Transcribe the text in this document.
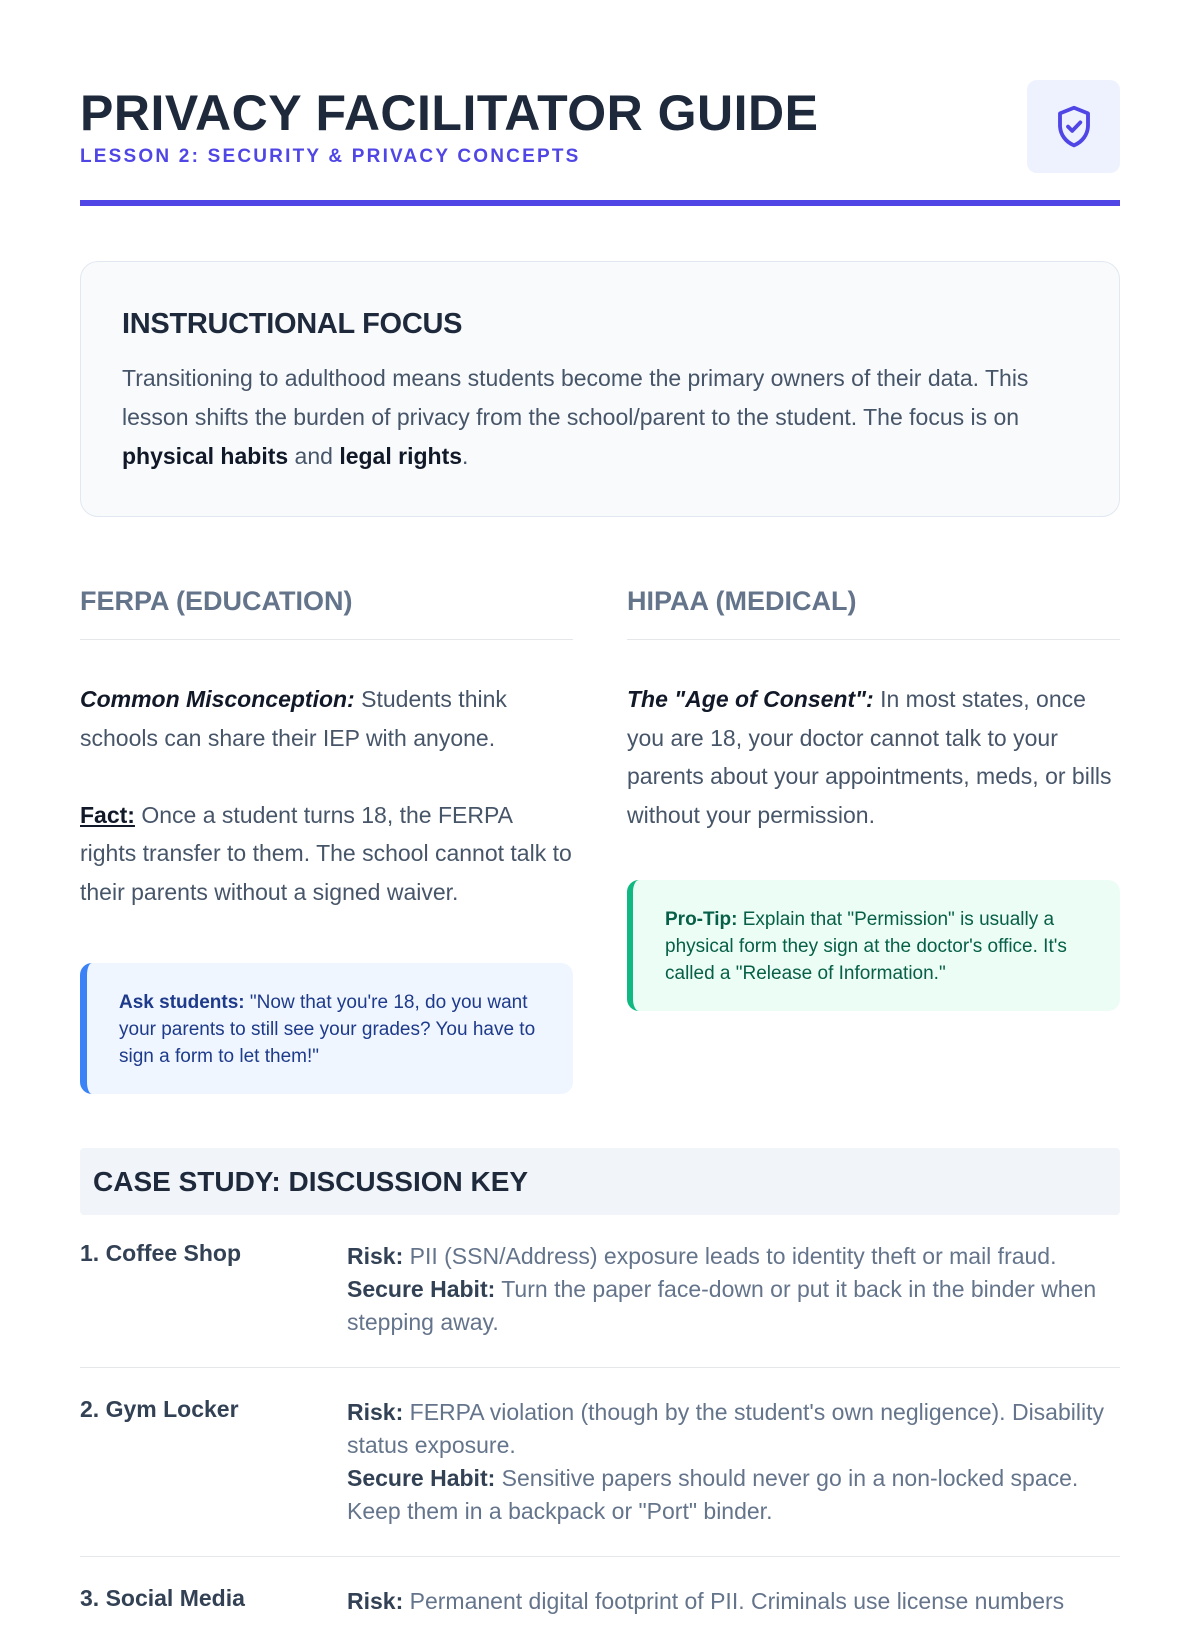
PRIVACY FACILITATOR GUIDE
LESSON 2: SECURITY & PRIVACY CONCEPTS
INSTRUCTIONAL FOCUS

Transitioning to adulthood means students become the primary owners of their data. This lesson shifts the burden of privacy from the school/parent to the student. The focus is on physical habits and legal rights.

FERPA (EDUCATION)
Common Misconception: Students think schools can share their IEP with anyone.
Fact: Once a student turns 18, the FERPA rights transfer to them. The school cannot talk to their parents without a signed waiver.
Ask students: "Now that you're 18, do you want your parents to still see your grades? You have to sign a form to let them!"
HIPAA (MEDICAL)
The "Age of Consent": In most states, once you are 18, your doctor cannot talk to your parents about your appointments, meds, or bills without your permission.
Pro-Tip: Explain that "Permission" is usually a physical form they sign at the doctor's office. It's called a "Release of Information."
CASE STUDY: DISCUSSION KEY
1. Coffee Shop	Risk: PII (SSN/Address) exposure leads to identity theft or mail fraud.
Secure Habit: Turn the paper face-down or put it back in the binder when stepping away.
2. Gym Locker	Risk: FERPA violation (though by the student's own negligence). Disability status exposure.
Secure Habit: Sensitive papers should never go in a non-locked space. Keep them in a backpack or "Port" binder.
3. Social Media	Risk: Permanent digital footprint of PII. Criminals use license numbers
